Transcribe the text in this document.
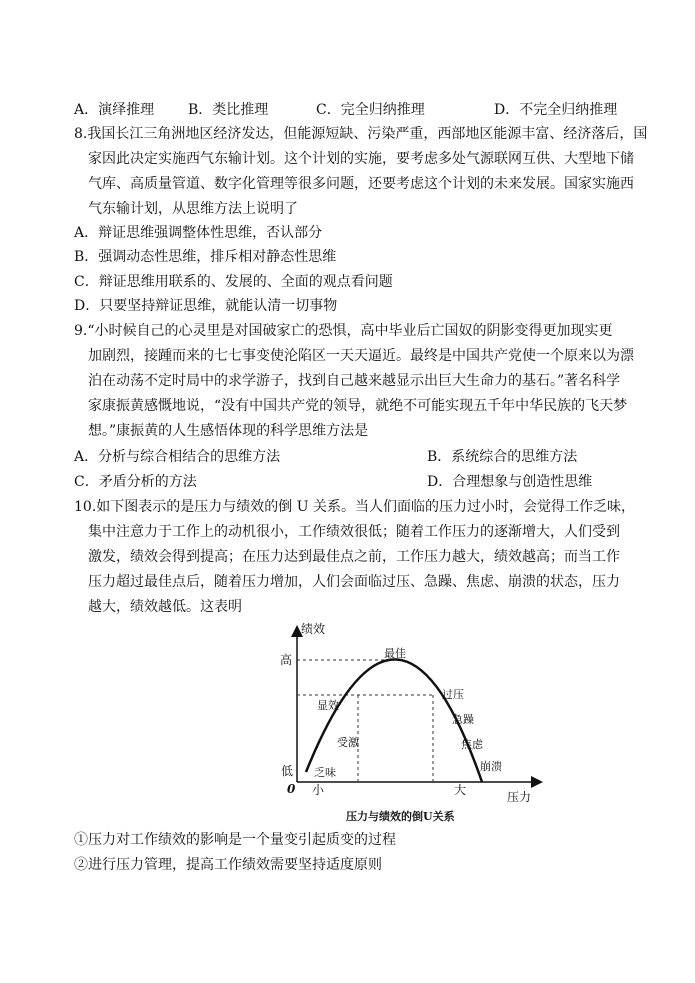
A．演绎推理 B．类比推理	C．完全归纳推理	D．不完全归纳推理
8.我国长江三角洲地区经济发达，但能源短缺、污染严重，西部地区能源丰富、经济落后，国
家因此决定实施西气东输计划。这个计划的实施，要考虑多处气源联网互供、大型地下储
气库、高质量管道、数字化管理等很多问题，还要考虑这个计划的未来发展。国家实施西
气东输计划，从思维方法上说明了
A．辩证思维强调整体性思维，否认部分
B．强调动态性思维，排斥相对静态性思维
C．辩证思维用联系的、发展的、全面的观点看问题
D．只要坚持辩证思维，就能认清一切事物
9.“小时候自己的心灵里是对国破家亡的恐惧，高中毕业后亡国奴的阴影变得更加现实更
加剧烈，接踵而来的七七事变使沦陷区一天天逼近。最终是中国共产党使一个原来以为漂
泊在动荡不定时局中的求学游子，找到自己越来越显示出巨大生命力的基石。”著名科学
家康振黄感慨地说，“没有中国共产党的领导，就绝不可能实现五千年中华民族的飞天梦
想。”康振黄的人生感悟体现的科学思维方法是
A．分析与综合相结合的思维方法	B．系统综合的思维方法
C．矛盾分析的方法	D．合理想象与创造性思维
10.如下图表示的是压力与绩效的倒 U 关系。当人们面临的压力过小时，会觉得工作乏味，
集中注意力于工作上的动机很小，工作绩效很低；随着工作压力的逐渐增大，人们受到
激发，绩效会得到提高；在压力达到最佳点之前，工作压力越大，绩效越高；而当工作
压力超过最佳点后，随着压力增加，人们会面临过压、急躁、焦虑、崩溃的状态，压力
越大，绩效越低。这表明
绩效
压力
0
高
低
小	大
最佳
显效
受激
乏味
过压
急躁
焦虑
崩溃
压力与绩效的倒U关系
①压力对工作绩效的影响是一个量变引起质变的过程
②进行压力管理，提高工作绩效需要坚持适度原则
